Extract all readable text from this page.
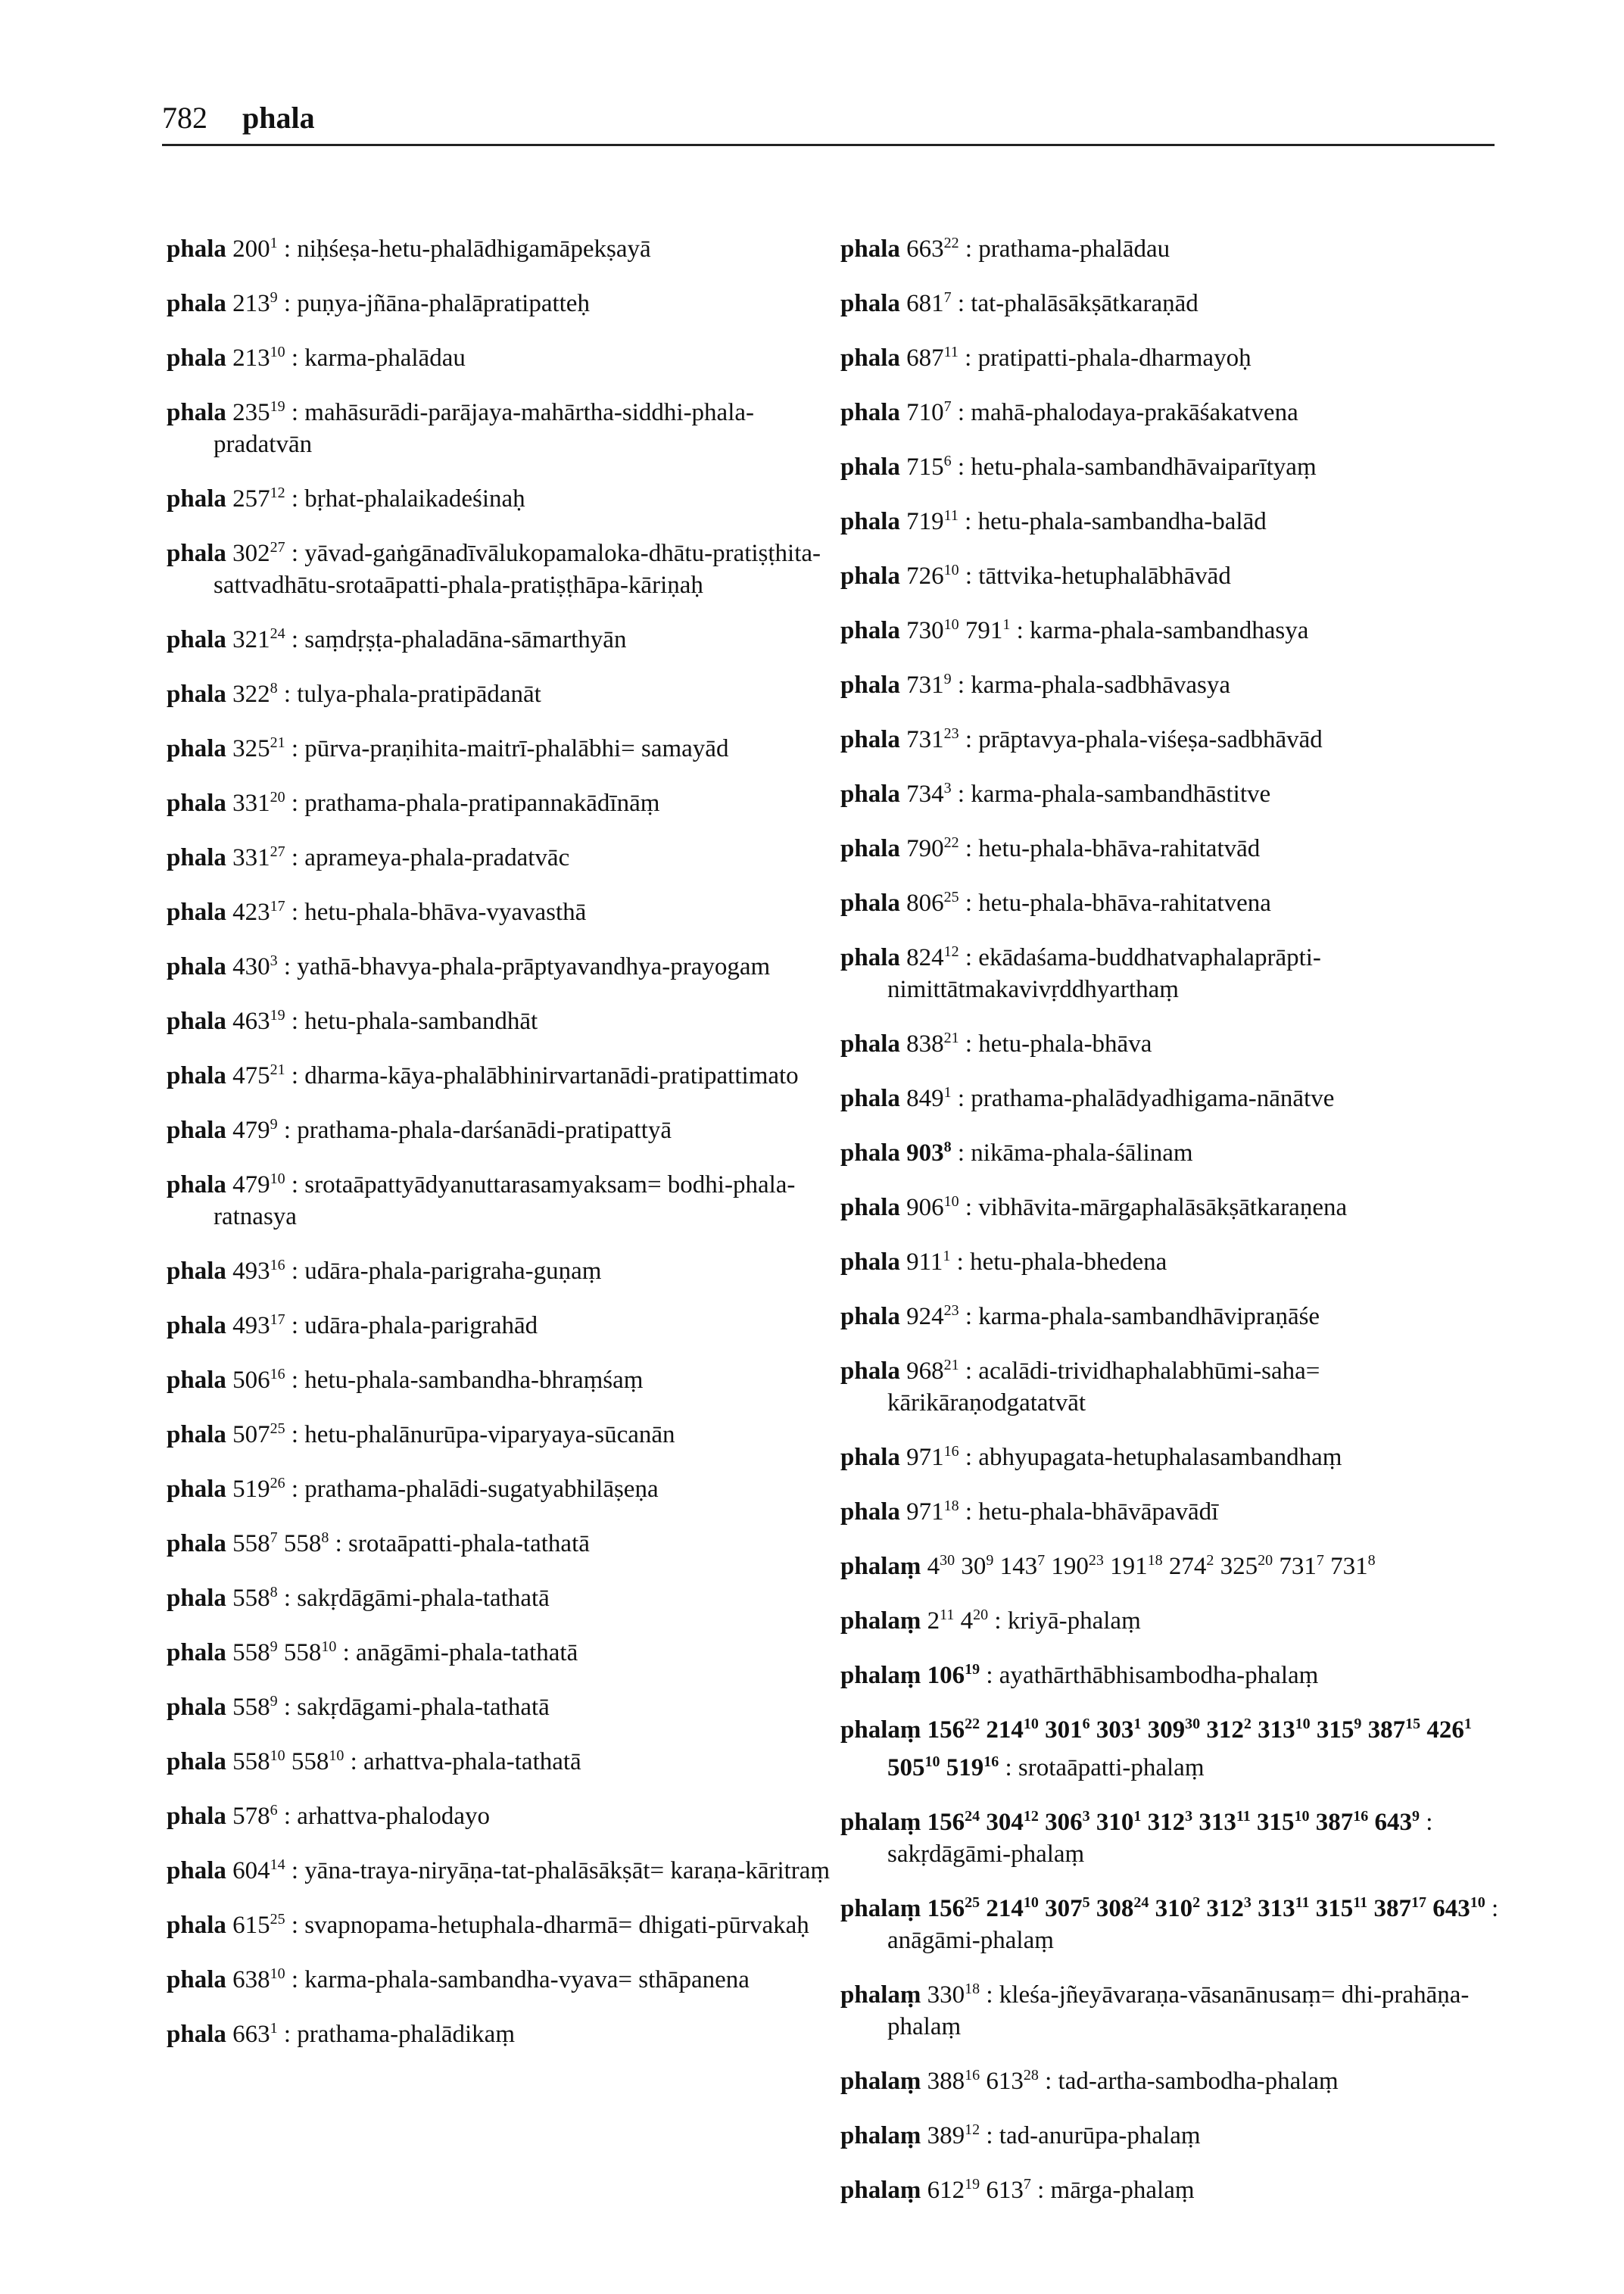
782 phala
phala $200^1$ : niḥśeṣa-hetu-phalādhigamāpekṣayā
phala $213^9$ : puṇya-jñāna-phalāpratipatteḥ
phala $213^{10}$ : karma-phalādau
phala $235^{19}$ : mahāsurādi-parājaya-mahārtha-siddhi-phala-pradatvān
phala $257^{12}$ : bṛhat-phalaikadeśinaḥ
phala $302^{27}$ : yāvad-gaṅgānadīvālukopamaloka-dhātu-pratiṣṭhita-sattvadhātu-srotaāpatti-phala-pratiṣṭhāpa-kāriṇaḥ
phala $321^{24}$ : saṃdṛṣṭa-phaladāna-sāmarthyān
phala $322^8$ : tulya-phala-pratipādanāt
phala $325^{21}$ : pūrva-praṇihita-maitrī-phalābhi= samayād
phala $331^{20}$ : prathama-phala-pratipannakādīnāṃ
phala $331^{27}$ : aprameya-phala-pradatvāc
phala $423^{17}$ : hetu-phala-bhāva-vyavasthā
phala $430^3$ : yathā-bhavya-phala-prāptyavandhya-prayogam
phala $463^{19}$ : hetu-phala-sambandhāt
phala $475^{21}$ : dharma-kāya-phalābhinirvartanādi-pratipattimato
phala $479^9$ : prathama-phala-darśanādi-pratipattyā
phala $479^{10}$ : srotaāpattyādyanuttarasamyaksam= bodhi-phala-ratnasya
phala $493^{16}$ : udāra-phala-parigraha-guṇaṃ
phala $493^{17}$ : udāra-phala-parigrahād
phala $506^{16}$ : hetu-phala-sambandha-bhraṃśaṃ
phala $507^{25}$ : hetu-phalānurūpa-viparyaya-sūcanān
phala $519^{26}$ : prathama-phalādi-sugatyabhilāṣeṇa
phala $558^7$ $558^8$ : srotaāpatti-phala-tathatā
phala $558^8$ : sakṛdāgāmi-phala-tathatā
phala $558^9$ $558^{10}$ : anāgāmi-phala-tathatā
phala $558^9$ : sakṛdāgami-phala-tathatā
phala $558^{10}$ $558^{10}$ : arhattva-phala-tathatā
phala $578^6$ : arhattva-phalodayo
phala $604^{14}$ : yāna-traya-niryāṇa-tat-phalāsākṣāt= karaṇa-kāritraṃ
phala $615^{25}$ : svapnopama-hetuphala-dharmā= dhigati-pūrvakaḥ
phala $638^{10}$ : karma-phala-sambandha-vyava= sthāpanena
phala $663^1$ : prathama-phalādikaṃ
phala $663^{22}$ : prathama-phalādau
phala $681^7$ : tat-phalāsākṣātkaraṇād
phala $687^{11}$ : pratipatti-phala-dharmayoḥ
phala $710^7$ : mahā-phalodaya-prakāśakatvena
phala $715^6$ : hetu-phala-sambandhāvaiparītyaṃ
phala $719^{11}$ : hetu-phala-sambandha-balād
phala $726^{10}$ : tāttvika-hetuphalābhāvād
phala $730^{10}$ $791^1$ : karma-phala-sambandhasya
phala $731^9$ : karma-phala-sadbhāvasya
phala $731^{23}$ : prāptavya-phala-viśeṣa-sadbhāvād
phala $734^3$ : karma-phala-sambandhāstitve
phala $790^{22}$ : hetu-phala-bhāva-rahitatvād
phala $806^{25}$ : hetu-phala-bhāva-rahitatvena
phala $824^{12}$ : ekādaśama-buddhatvaphalaprāpti-nimittātmakavivṛddhyarthaṃ
phala $838^{21}$ : hetu-phala-bhāva
phala $849^1$ : prathama-phalādyadhigama-nānātve
phala $903^8$ : nikāma-phala-śālinam
phala $906^{10}$ : vibhāvita-mārgaphalāsākṣātkaraṇena
phala $911^1$ : hetu-phala-bhedena
phala $924^{23}$ : karma-phala-sambandhāvipraṇāśe
phala $968^{21}$ : acalādi-trividhaphalabhūmi-saha= kārikāraṇodgatatvāt
phala $971^{16}$ : abhyupagata-hetuphalasambandhaṃ
phala $971^{18}$ : hetu-phala-bhāvāpavādī
phalaṃ $4^{30}$ $30^9$ $143^7$ $190^{23}$ $191^{18}$ $274^2$ $325^{20}$ $731^7$ $731^8$
phalaṃ $2^{11}$ $4^{20}$ : kriyā-phalaṃ
phalaṃ $106^{19}$ : ayathārthābhisambodha-phalaṃ
phalaṃ $156^{22}$ $214^{10}$ $301^6$ $303^1$ $309^{30}$ $312^2$ $313^{10}$ $315^9$ $387^{15}$ $426^1$ $505^{10}$ $519^{16}$ : srotaāpatti-phalaṃ
phalaṃ $156^{24}$ $304^{12}$ $306^3$ $310^1$ $312^3$ $313^{11}$ $315^{10}$ $387^{16}$ $643^9$ : sakṛdāgāmi-phalaṃ
phalaṃ $156^{25}$ $214^{10}$ $307^5$ $308^{24}$ $310^2$ $312^3$ $313^{11}$ $315^{11}$ $387^{17}$ $643^{10}$ : anāgāmi-phalaṃ
phalaṃ $330^{18}$ : kleśa-jñeyāvaraṇa-vāsanānusaṃ= dhi-prahāṇa-phalaṃ
phalaṃ $388^{16}$ $613^{28}$ : tad-artha-sambodha-phalaṃ
phalaṃ $389^{12}$ : tad-anurūpa-phalaṃ
phalaṃ $612^{19}$ $613^7$ : mārga-phalaṃ
